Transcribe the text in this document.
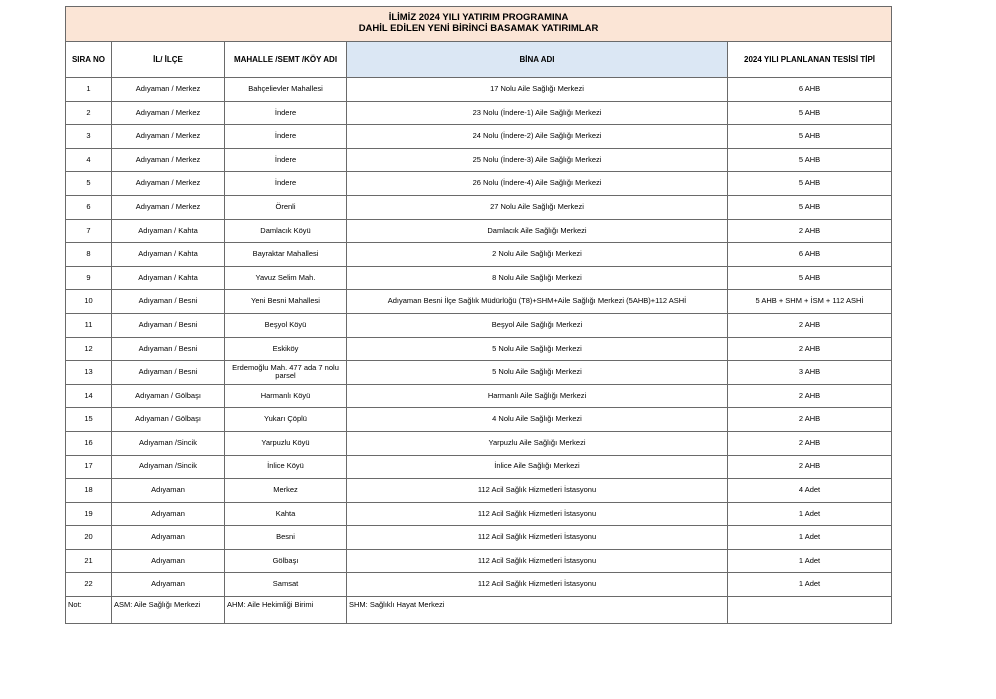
İLİMİZ 2024 YILI YATIRIM PROGRAMINA
DAHİL EDİLEN YENİ BİRİNCİ BASAMAK YATIRIMLAR				

SIRA NO	İL/ İLÇE	MAHALLE /SEMT /KÖY ADI	BİNA ADI	2024 YILI PLANLANAN TESİSİ TİPİ
1	Adıyaman / Merkez	Bahçelievler Mahallesi	17 Nolu Aile Sağlığı Merkezi	6 AHB
2	Adıyaman / Merkez	İndere	23 Nolu (İndere-1) Aile Sağlığı Merkezi	5 AHB
3	Adıyaman / Merkez	İndere	24 Nolu (İndere-2) Aile Sağlığı Merkezi	5 AHB
4	Adıyaman / Merkez	İndere	25 Nolu (İndere-3) Aile Sağlığı Merkezi	5 AHB
5	Adıyaman / Merkez	İndere	26 Nolu (İndere-4) Aile Sağlığı Merkezi	5 AHB
6	Adıyaman / Merkez	Örenli	27 Nolu Aile Sağlığı Merkezi	5 AHB
7	Adıyaman / Kahta	Damlacık Köyü	Damlacık Aile Sağlığı Merkezi	2 AHB
8	Adıyaman / Kahta	Bayraktar Mahallesi	2 Nolu Aile Sağlığı Merkezi	6 AHB
9	Adıyaman / Kahta	Yavuz Selim Mah.	8 Nolu Aile Sağlığı Merkezi	5 AHB
10	Adıyaman / Besni	Yeni Besni Mahallesi	Adıyaman Besni İlçe Sağlık Müdürlüğü (T8)+SHM+Aile Sağlığı Merkezi (5AHB)+112 ASHİ	5 AHB + SHM + İSM + 112 ASHİ
11	Adıyaman / Besni	Beşyol Köyü	Beşyol Aile Sağlığı Merkezi	2 AHB
12	Adıyaman / Besni	Eskiköy	5 Nolu Aile Sağlığı Merkezi	2 AHB
13	Adıyaman / Besni	Erdemoğlu Mah. 477 ada 7 nolu parsel	5 Nolu Aile Sağlığı Merkezi	3 AHB
14	Adıyaman / Gölbaşı	Harmanlı Köyü	Harmanlı Aile Sağlığı Merkezi	2 AHB
15	Adıyaman / Gölbaşı	Yukarı Çöplü	4 Nolu Aile Sağlığı Merkezi	2 AHB
16	Adıyaman /Sincik	Yarpuzlu Köyü	Yarpuzlu Aile Sağlığı Merkezi	2 AHB
17	Adıyaman /Sincik	İnlice Köyü	İnlice Aile Sağlığı Merkezi	2 AHB
18	Adıyaman	Merkez	112 Acil Sağlık Hizmetleri İstasyonu	4 Adet
19	Adıyaman	Kahta	112 Acil Sağlık Hizmetleri İstasyonu	1 Adet
20	Adıyaman	Besni	112 Acil Sağlık Hizmetleri İstasyonu	1 Adet
21	Adıyaman	Gölbaşı	112 Acil Sağlık Hizmetleri İstasyonu	1 Adet
22	Adıyaman	Samsat	112 Acil Sağlık Hizmetleri İstasyonu	1 Adet
Not:	ASM: Aile Sağlığı Merkezi	AHM: Aile Hekimliği Birimi	SHM: Sağlıklı Hayat Merkezi	
